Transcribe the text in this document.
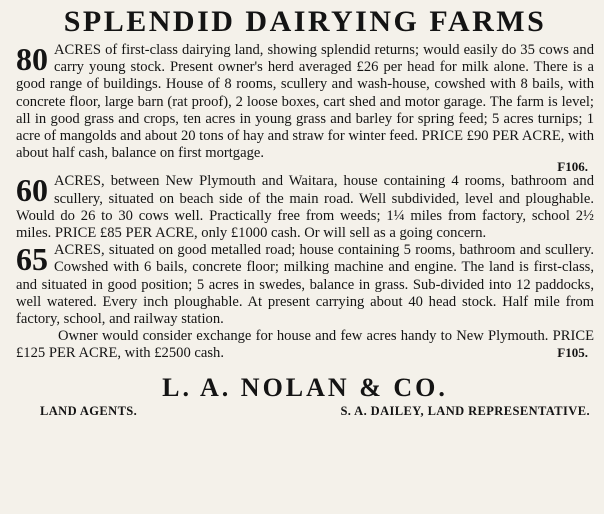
SPLENDID DAIRYING FARMS
80 ACRES of first-class dairying land, showing splendid returns; would easily do 35 cows and carry young stock. Present owner's herd averaged £26 per head for milk alone. There is a good range of buildings. House of 8 rooms, scullery and wash-house, cowshed with 8 bails, with concrete floor, large barn (rat proof), 2 loose boxes, cart shed and motor garage. The farm is level; all in good grass and crops, ten acres in young grass and barley for spring feed; 5 acres turnips; 1 acre of mangolds and about 20 tons of hay and straw for winter feed. PRICE £90 PER ACRE, with about half cash, balance on first mortgage.
F106.
60 ACRES, between New Plymouth and Waitara, house containing 4 rooms, bathroom and scullery, situated on beach side of the main road. Well subdivided, level and ploughable. Would do 26 to 30 cows well. Practically free from weeds; 1¼ miles from factory, school 2½ miles. PRICE £85 PER ACRE, only £1000 cash. Or will sell as a going concern.
65 ACRES, situated on good metalled road; house containing 5 rooms, bathroom and scullery. Cowshed with 6 bails, concrete floor; milking machine and engine. The land is first-class, and situated in good position; 5 acres in swedes, balance in grass. Sub-divided into 12 paddocks, well watered. Every inch ploughable. At present carrying about 40 head stock. Half mile from factory, school, and railway station.

Owner would consider exchange for house and few acres handy to New Plymouth. PRICE £125 PER ACRE, with £2500 cash.	F105.

L. A. NOLAN & CO.
LAND AGENTS.	S. A. DAILEY, LAND REPRESENTATIVE.
